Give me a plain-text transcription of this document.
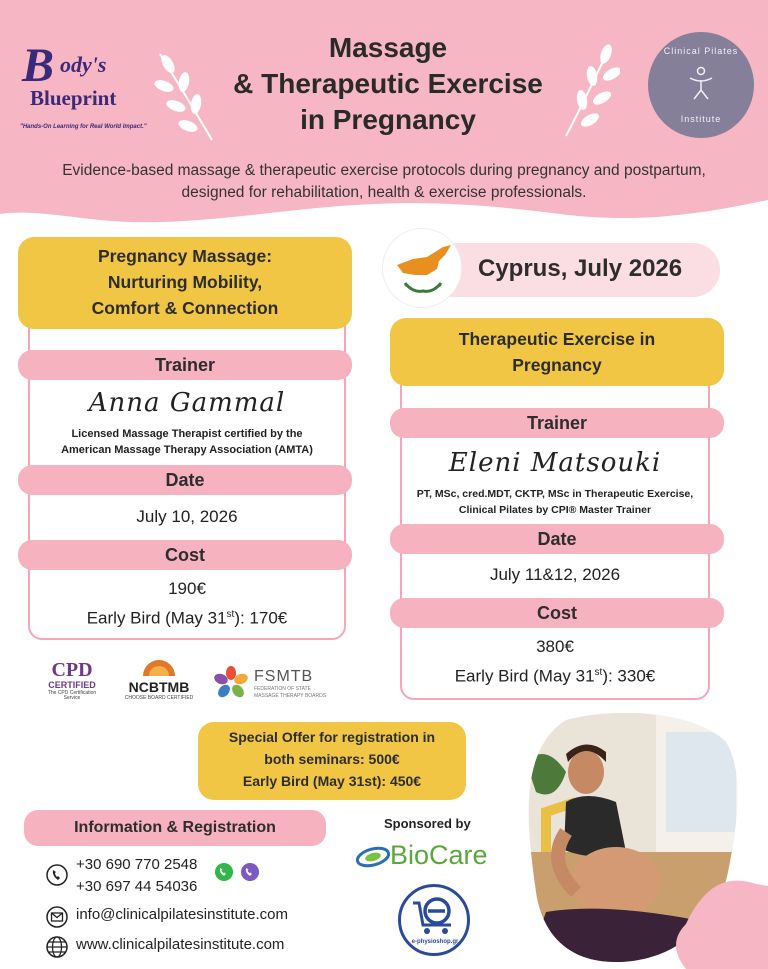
B ody's
Blueprint
"Hands-On Learning for Real World Impact."
Massage
& Therapeutic Exercise
in Pregnancy
Clinical Pilates
Institute
Evidence-based massage & therapeutic exercise protocols during pregnancy and postpartum,
designed for rehabilitation, health & exercise professionals.
Pregnancy Massage:
Nurturing Mobility,
Comfort & Connection
Trainer
Anna Gammal
Licensed Massage Therapist certified by the
American Massage Therapy Association (AMTA)
Date
July 10, 2026
Cost
190€
Early Bird (May 31st): 170€
Cyprus, July 2026
Therapeutic Exercise in
Pregnancy
Trainer
Eleni Matsouki
PT, MSc, cred.MDT, CKTP, MSc in Therapeutic Exercise,
Clinical Pilates by CPI® Master Trainer
Date
July 11&12, 2026
Cost
380€
Early Bird (May 31st): 330€
CPD
CERTIFIED
The CPD Certification
Service
NCBTMB
CHOOSE BOARD CERTIFIED
FSMTB
FEDERATION OF STATE
MASSAGE THERAPY BOARDS
Special Offer for registration in
both seminars: 500€
Early Bird (May 31st): 450€
Information & Registration
+30 690 770 2548
+30 697 44 54036
info@clinicalpilatesinstitute.com
www.clinicalpilatesinstitute.com
Sponsored by
BioCare
e-physioshop.gr
